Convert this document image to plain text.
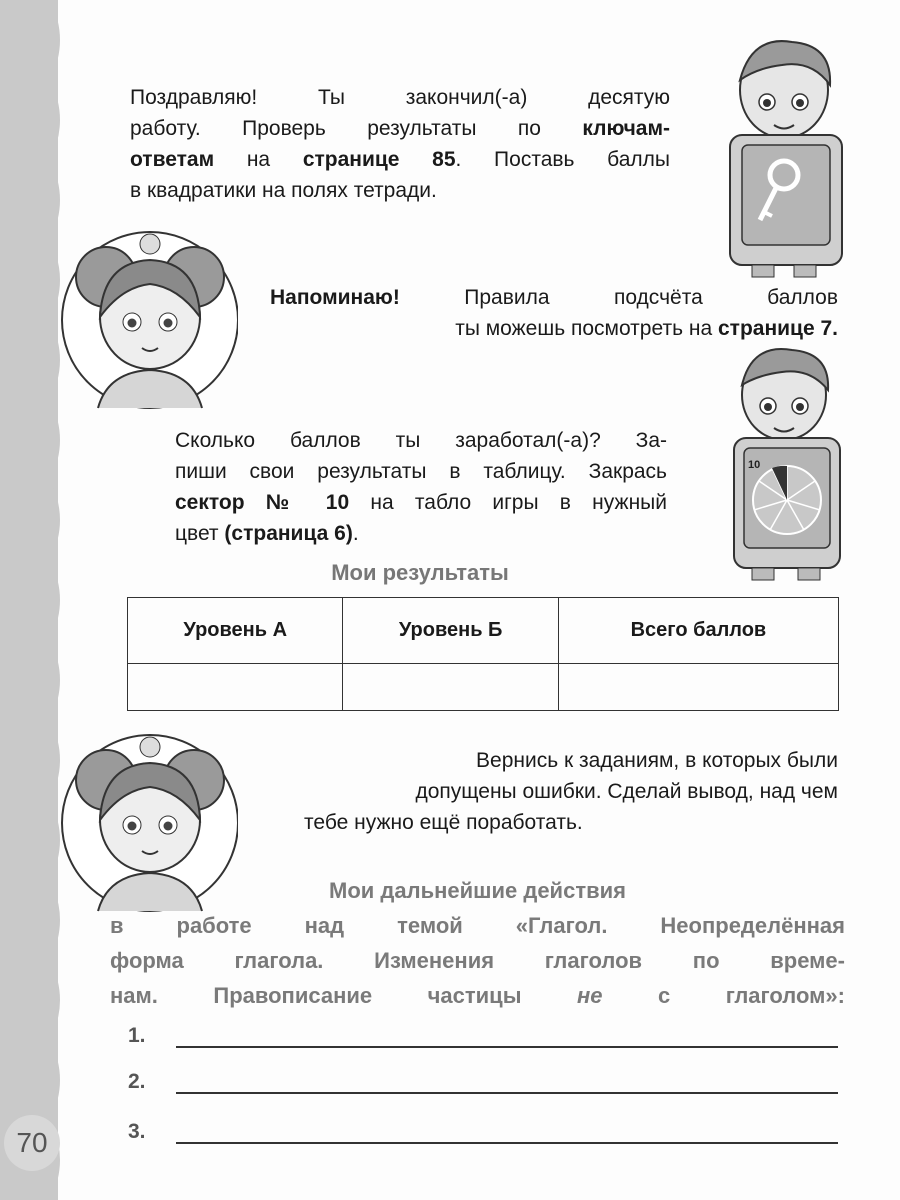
70
Поздравляю! Ты закончил(-а) десятую
работу. Проверь результаты по ключам-
ответам на странице 85. Поставь баллы
в квадратики на полях тетради.
Напоминаю!	Правила подсчёта баллов
ты можешь посмотреть на странице 7.
10
Сколько баллов ты заработал(-а)? За-
пиши свои результаты в таблицу. Закрась
сектор № 10 на табло игры в нужный
цвет (страница 6).
Мои результаты
Уровень А	Уровень Б	Всего баллов

Вернись к заданиям, в которых были
допущены ошибки. Сделай вывод, над чем
тебе нужно ещё поработать.
Мои дальнейшие действия
в работе над темой «Глагол. Неопределённая
форма глагола. Изменения глаголов по време-
нам. Правописание частицы	не	с глаголом»:
1.
2.
3.
